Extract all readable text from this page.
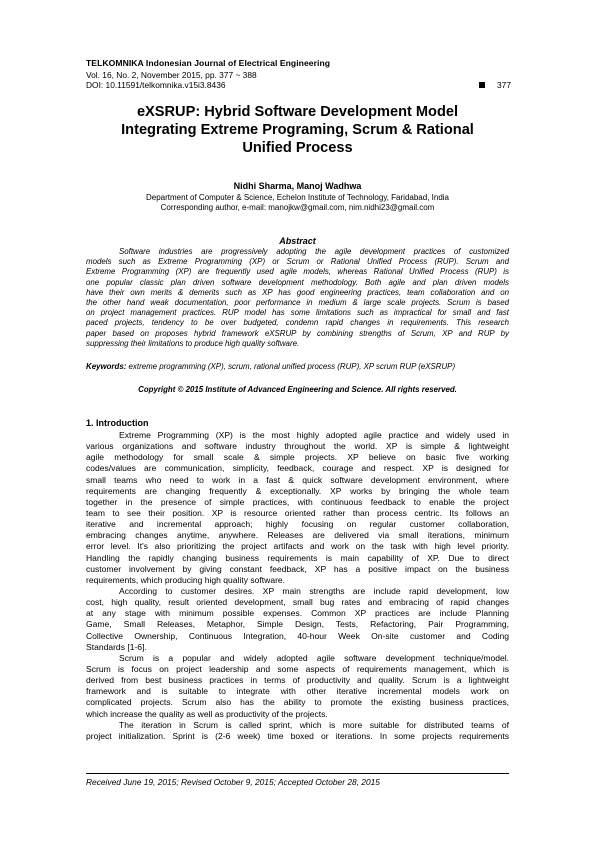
TELKOMNIKA Indonesian Journal of Electrical Engineering
Vol. 16, No. 2, November 2015, pp. 377 ~ 388
DOI: 10.11591/telkomnika.v15i3.8436	377
eXSRUP: Hybrid Software Development Model
Integrating Extreme Programing, Scrum & Rational
Unified Process
Nidhi Sharma, Manoj Wadhwa
Department of Computer & Science, Echelon Institute of Technology, Faridabad, India
Corresponding author, e-mail: manojkw@gmail.com, nim.nidhi23@gmail.com
Abstract
Software industries are progressively adopting the agile development practices of customized
models such as Extreme Programming (XP) or Scrum or Rational Unified Process (RUP). Scrum and
Extreme Programming (XP) are frequently used agile models, whereas Rational Unified Process (RUP) is
one popular classic plan driven software development methodology. Both agile and plan driven models
have their own merits & demerits such as XP has good engineering practices, team collaboration and on
the other hand weak documentation, poor performance in medium & large scale projects. Scrum is based
on project management practices. RUP model has some limitations such as impractical for small and fast
paced projects, tendency to be over budgeted, condemn rapid changes in requirements. This research
paper based on proposes hybrid framework eXSRUP by combining strengths of Scrum, XP and RUP by
suppressing their limitations to produce high quality software.
Keywords: extreme programming (XP), scrum, rational unified process (RUP), XP scrum RUP (eXSRUP)
Copyright © 2015 Institute of Advanced Engineering and Science. All rights reserved.
1. Introduction
Extreme Programming (XP) is the most highly adopted agile practice and widely used in
various organizations and software industry throughout the world. XP is simple & lightweight
agile methodology for small scale & simple projects. XP believe on basic five working
codes/values are communication, simplicity, feedback, courage and respect. XP is designed for
small teams who need to work in a fast & quick software development environment, where
requirements are changing frequently & exceptionally. XP works by bringing the whole team
together in the presence of simple practices, with continuous feedback to enable the project
team to see their position. XP is resource oriented rather than process centric. Its follows an
iterative and incremental approach; highly focusing on regular customer collaboration,
embracing changes anytime, anywhere. Releases are delivered via small iterations, minimum
error level. It's also prioritizing the project artifacts and work on the task with high level priority.
Handling the rapidly changing business requirements is main capability of XP. Due to direct
customer involvement by giving constant feedback, XP has a positive impact on the business
requirements, which producing high quality software.
According to customer desires. XP main strengths are include rapid development, low
cost, high quality, result oriented development, small bug rates and embracing of rapid changes
at any stage with minimum possible expenses. Common XP practices are include Planning
Game, Small Releases, Metaphor, Simple Design, Tests, Refactoring, Pair Programming,
Collective Ownership, Continuous Integration, 40-hour Week On-site customer and Coding
Standards [1-6].
Scrum is a popular and widely adopted agile software development technique/model.
Scrum is focus on project leadership and some aspects of requirements management, which is
derived from best business practices in terms of productivity and quality. Scrum is a lightweight
framework and is suitable to integrate with other iterative incremental models work on
complicated projects. Scrum also has the ability to promote the existing business practices,
which increase the quality as well as productivity of the projects.
The iteration in Scrum is called sprint, which is more suitable for distributed teams of
project initialization. Sprint is (2-6 week) time boxed or iterations. In some projects requirements
Received June 19, 2015; Revised October 9, 2015; Accepted October 28, 2015
